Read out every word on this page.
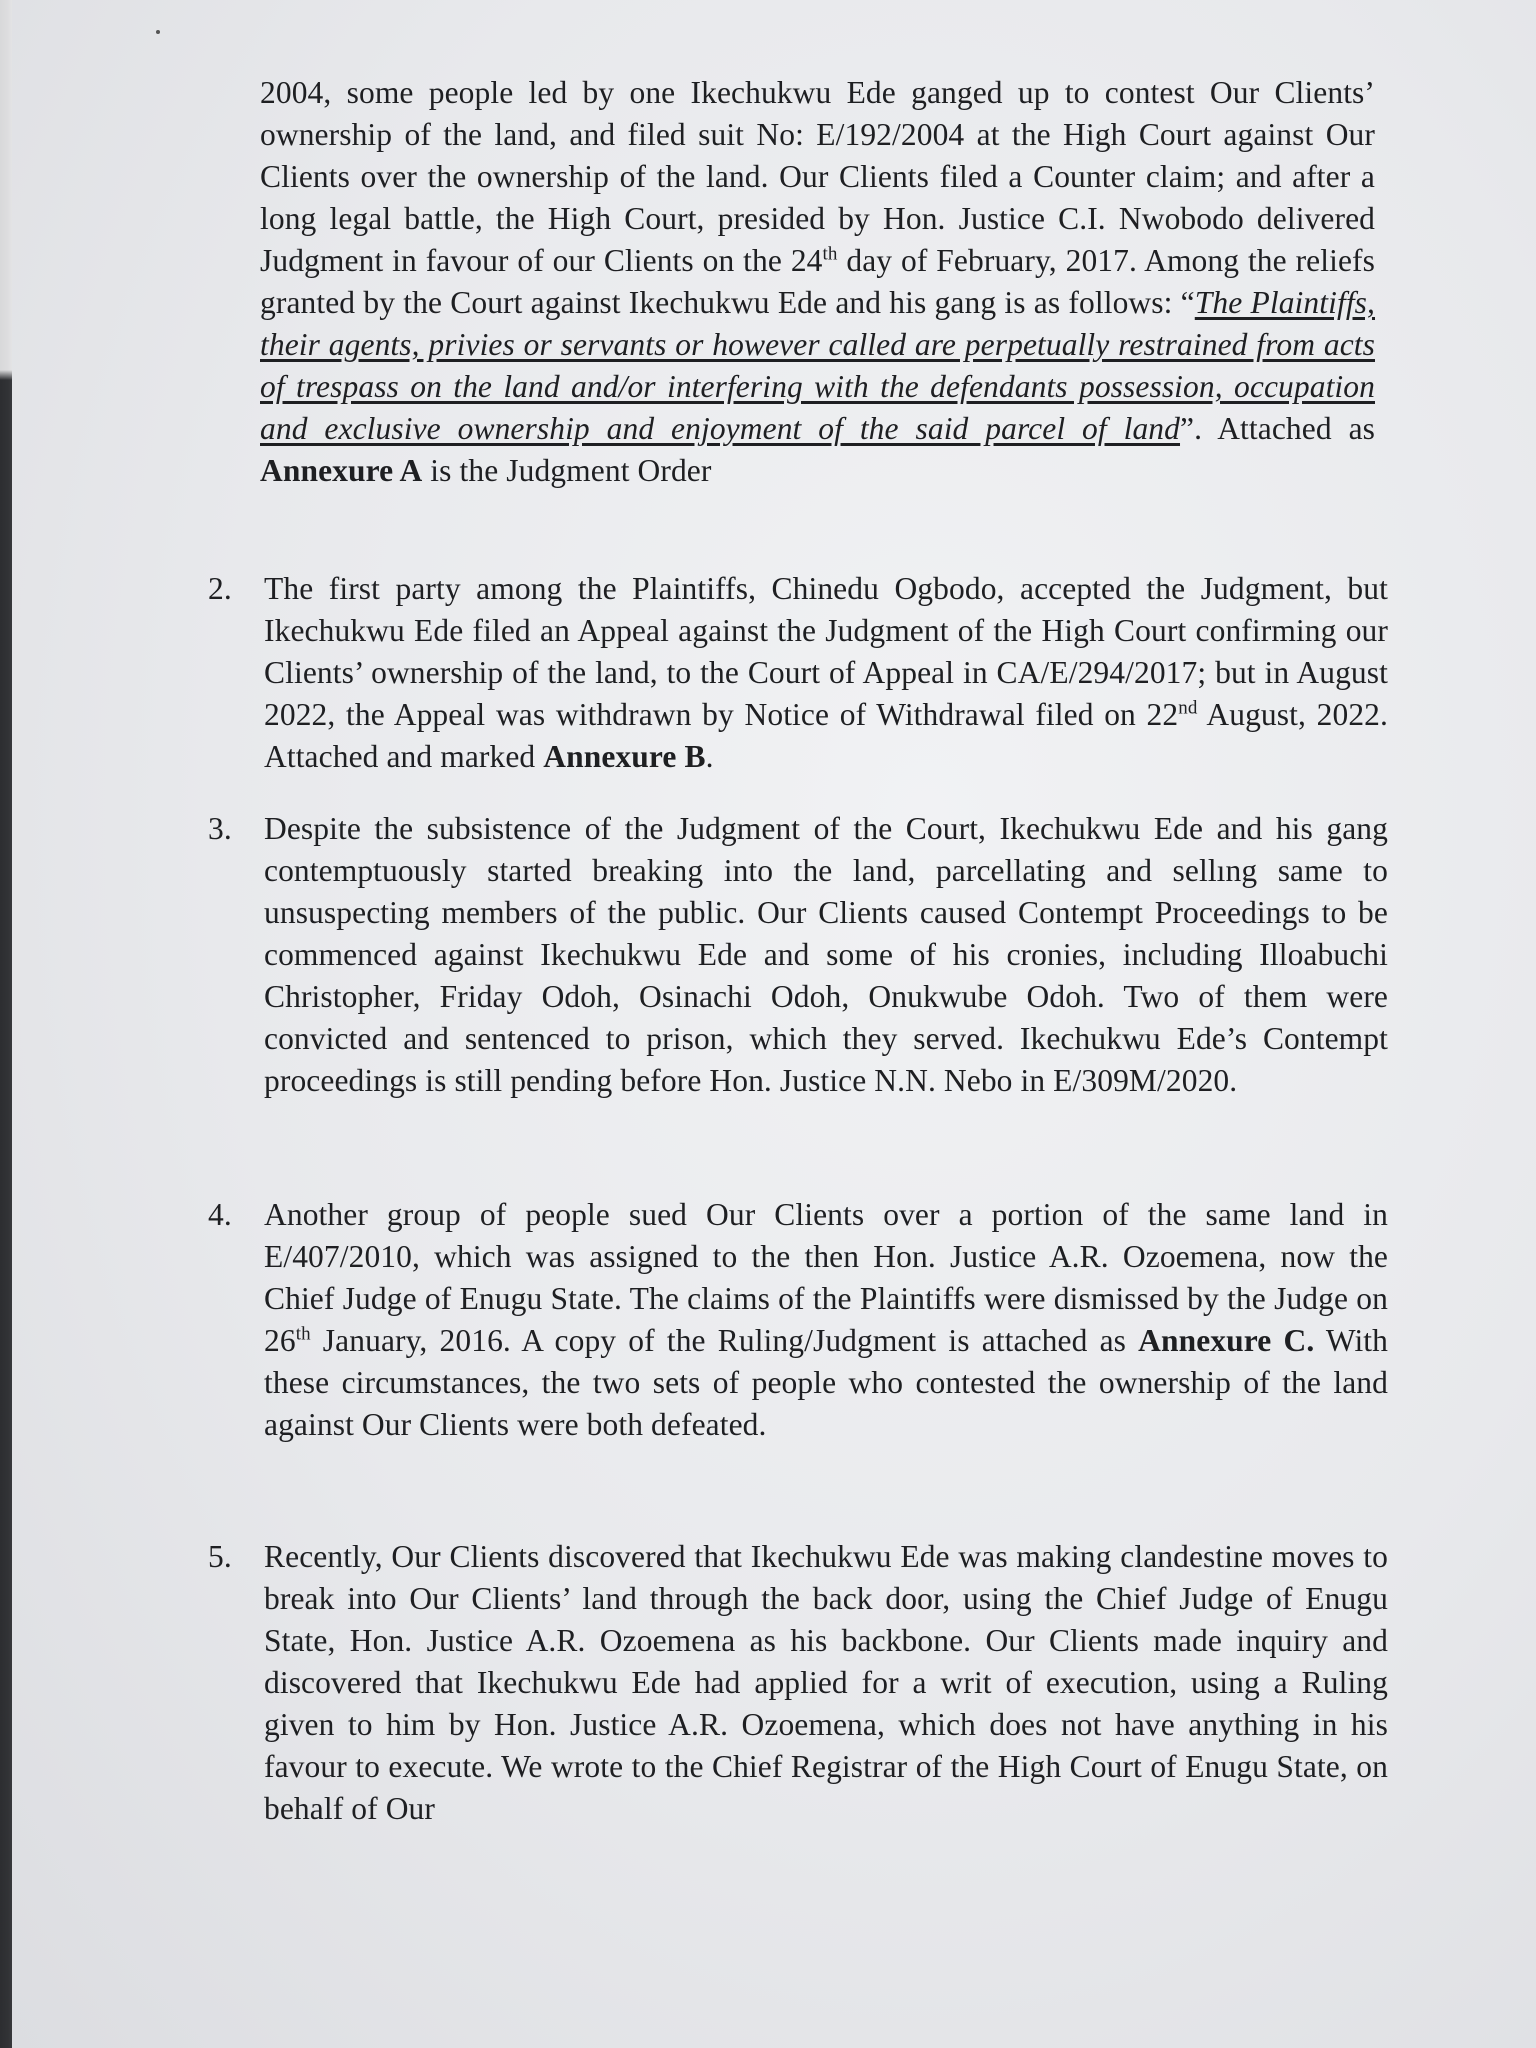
2004, some people led by one Ikechukwu Ede ganged up to contest Our Clients’ ownership of the land, and filed suit No: E/192/2004 at the High Court against Our Clients over the ownership of the land. Our Clients filed a Counter claim; and after a long legal battle, the High Court, presided by Hon. Justice C.I. Nwobodo delivered Judgment in favour of our Clients on the 24th day of February, 2017. Among the reliefs granted by the Court against Ikechukwu Ede and his gang is as follows: “The Plaintiffs, their agents, privies or servants or however called are perpetually restrained from acts of trespass on the land and/or interfering with the defendants possession, occupation and exclusive ownership and enjoyment of the said parcel of land”. Attached as Annexure A is the Judgment Order
2.	The first party among the Plaintiffs, Chinedu Ogbodo, accepted the Judgment, but Ikechukwu Ede filed an Appeal against the Judgment of the High Court confirming our Clients’ ownership of the land, to the Court of Appeal in CA/E/294/2017; but in August 2022, the Appeal was withdrawn by Notice of Withdrawal filed on 22nd August, 2022. Attached and marked Annexure B.
3.	Despite the subsistence of the Judgment of the Court, Ikechukwu Ede and his gang contemptuously started breaking into the land, parcellating and sellıng same to unsuspecting members of the public. Our Clients caused Contempt Proceedings to be commenced against Ikechukwu Ede and some of his cronies, including Illoabuchi Christopher, Friday Odoh, Osinachi Odoh, Onukwube Odoh. Two of them were convicted and sentenced to prison, which they served. Ikechukwu Ede’s Contempt proceedings is still pending before Hon. Justice N.N. Nebo in E/309M/2020.
4.	Another group of people sued Our Clients over a portion of the same land in E/407/2010, which was assigned to the then Hon. Justice A.R. Ozoemena, now the Chief Judge of Enugu State. The claims of the Plaintiffs were dismissed by the Judge on 26th January, 2016. A copy of the Ruling/Judgment is attached as Annexure C. With these circumstances, the two sets of people who contested the ownership of the land against Our Clients were both defeated.
5.	Recently, Our Clients discovered that Ikechukwu Ede was making clandestine moves to break into Our Clients’ land through the back door, using the Chief Judge of Enugu State, Hon. Justice A.R. Ozoemena as his backbone. Our Clients made inquiry and discovered that Ikechukwu Ede had applied for a writ of execution, using a Ruling given to him by Hon. Justice A.R. Ozoemena, which does not have anything in his favour to execute. We wrote to the Chief Registrar of the High Court of Enugu State, on behalf of Our
